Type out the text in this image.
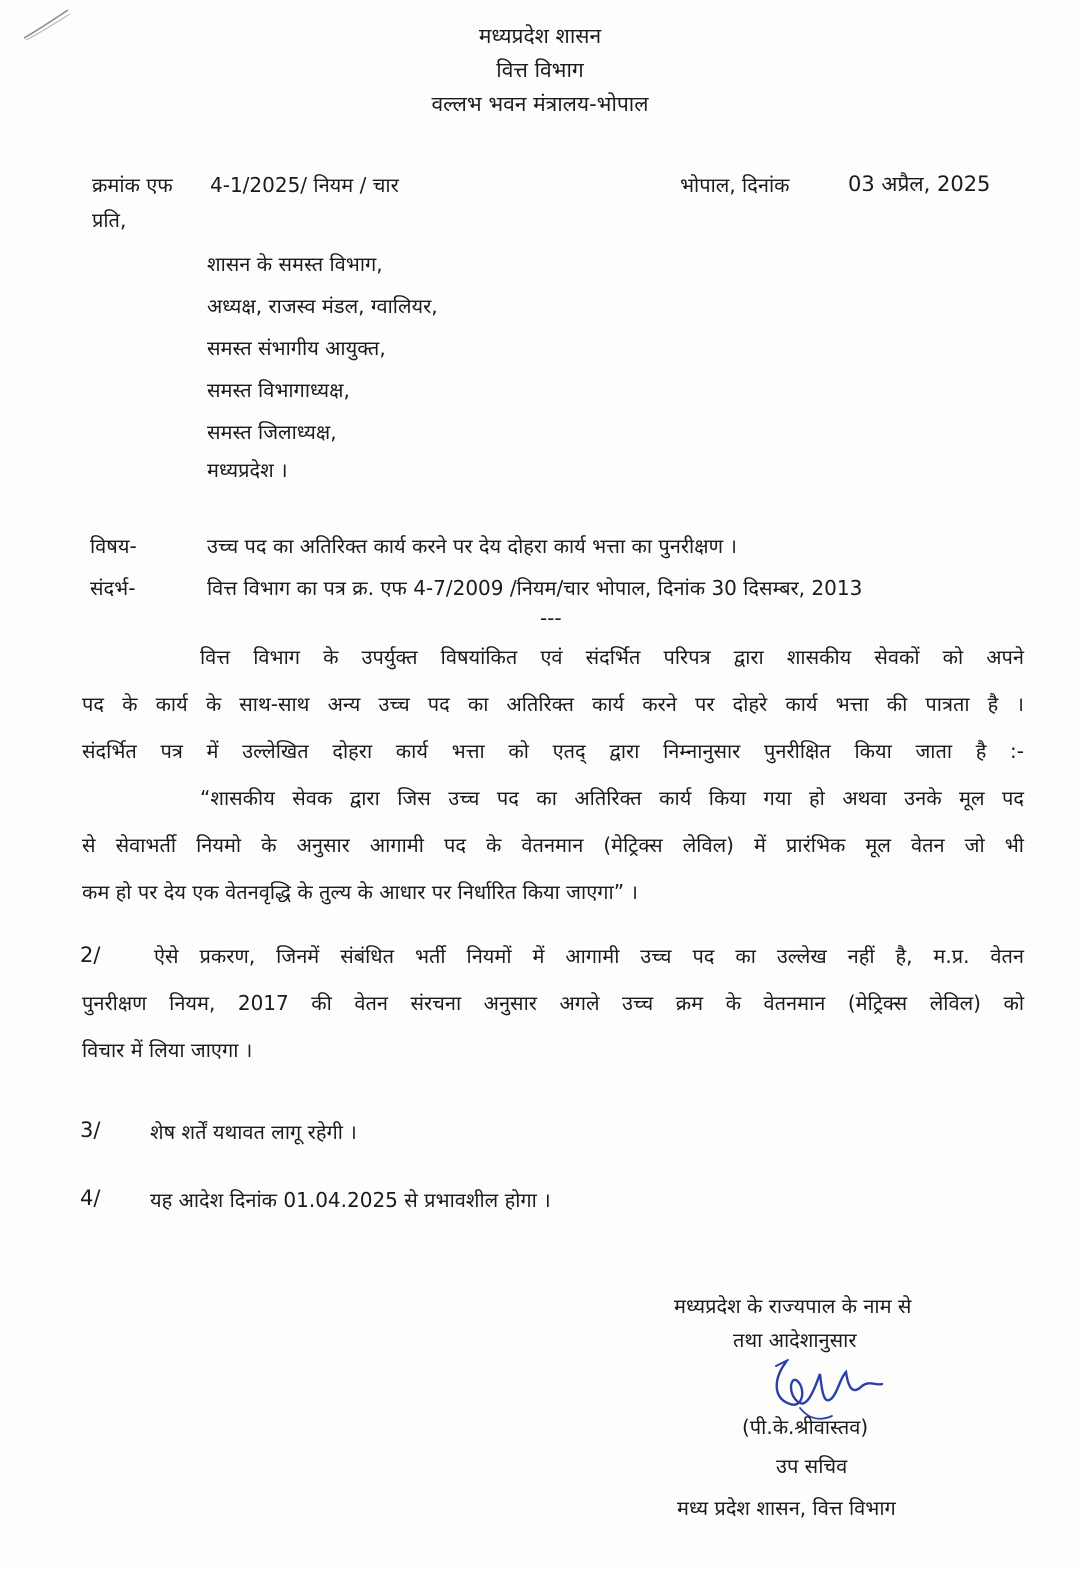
मध्यप्रदेश शासन

वित्त विभाग

वल्लभ भवन मंत्रालय-भोपाल

क्रमांक एफ 4-1/2025/ नियम / चार	भोपाल, दिनांक	03 अप्रैल, 2025

प्रति,

शासन के समस्त विभाग,

अध्यक्ष, राजस्व मंडल, ग्वालियर,

समस्त संभागीय आयुक्त,

समस्त विभागाध्यक्ष,

समस्त जिलाध्यक्ष,

मध्यप्रदेश ।

विषय-	उच्च पद का अतिरिक्त कार्य करने पर देय दोहरा कार्य भत्ता का पुनरीक्षण ।

संदर्भ-	वित्त विभाग का पत्र क्र. एफ 4-7/2009 /नियम/चार भोपाल, दिनांक 30 दिसम्बर, 2013

---

वित्त विभाग के उपर्युक्त विषयांकित एवं संदर्भित परिपत्र द्वारा शासकीय सेवकों को अपने
पद के कार्य के साथ-साथ अन्य उच्च पद का अतिरिक्त कार्य करने पर दोहरे कार्य भत्ता की पात्रता है ।
संदर्भित पत्र में उल्लेखित दोहरा कार्य भत्ता को एतद् द्वारा निम्नानुसार पुनरीक्षित किया जाता है :-
“शासकीय सेवक द्वारा जिस उच्च पद का अतिरिक्त कार्य किया गया हो अथवा उनके मूल पद
से सेवाभर्ती नियमो के अनुसार आगामी पद के वेतनमान (मेट्रिक्स लेविल) में प्रारंभिक मूल वेतन जो भी
कम हो पर देय एक वेतनवृद्धि के तुल्य के आधार पर निर्धारित किया जाएगा” ।

2/	ऐसे प्रकरण, जिनमें संबंधित भर्ती नियमों में आगामी उच्च पद का उल्लेख नहीं है, म.प्र. वेतन
पुनरीक्षण नियम, 2017 की वेतन संरचना अनुसार अगले उच्च क्रम के वेतनमान (मेट्रिक्स लेविल) को
विचार में लिया जाएगा ।

3/ शेष शर्तें यथावत लागू रहेगी ।

4/ यह आदेश दिनांक 01.04.2025 से प्रभावशील होगा ।

मध्यप्रदेश के राज्यपाल के नाम से

तथा आदेशानुसार

(पी.के.श्रीवास्तव)

उप सचिव

मध्य प्रदेश शासन, वित्त विभाग
